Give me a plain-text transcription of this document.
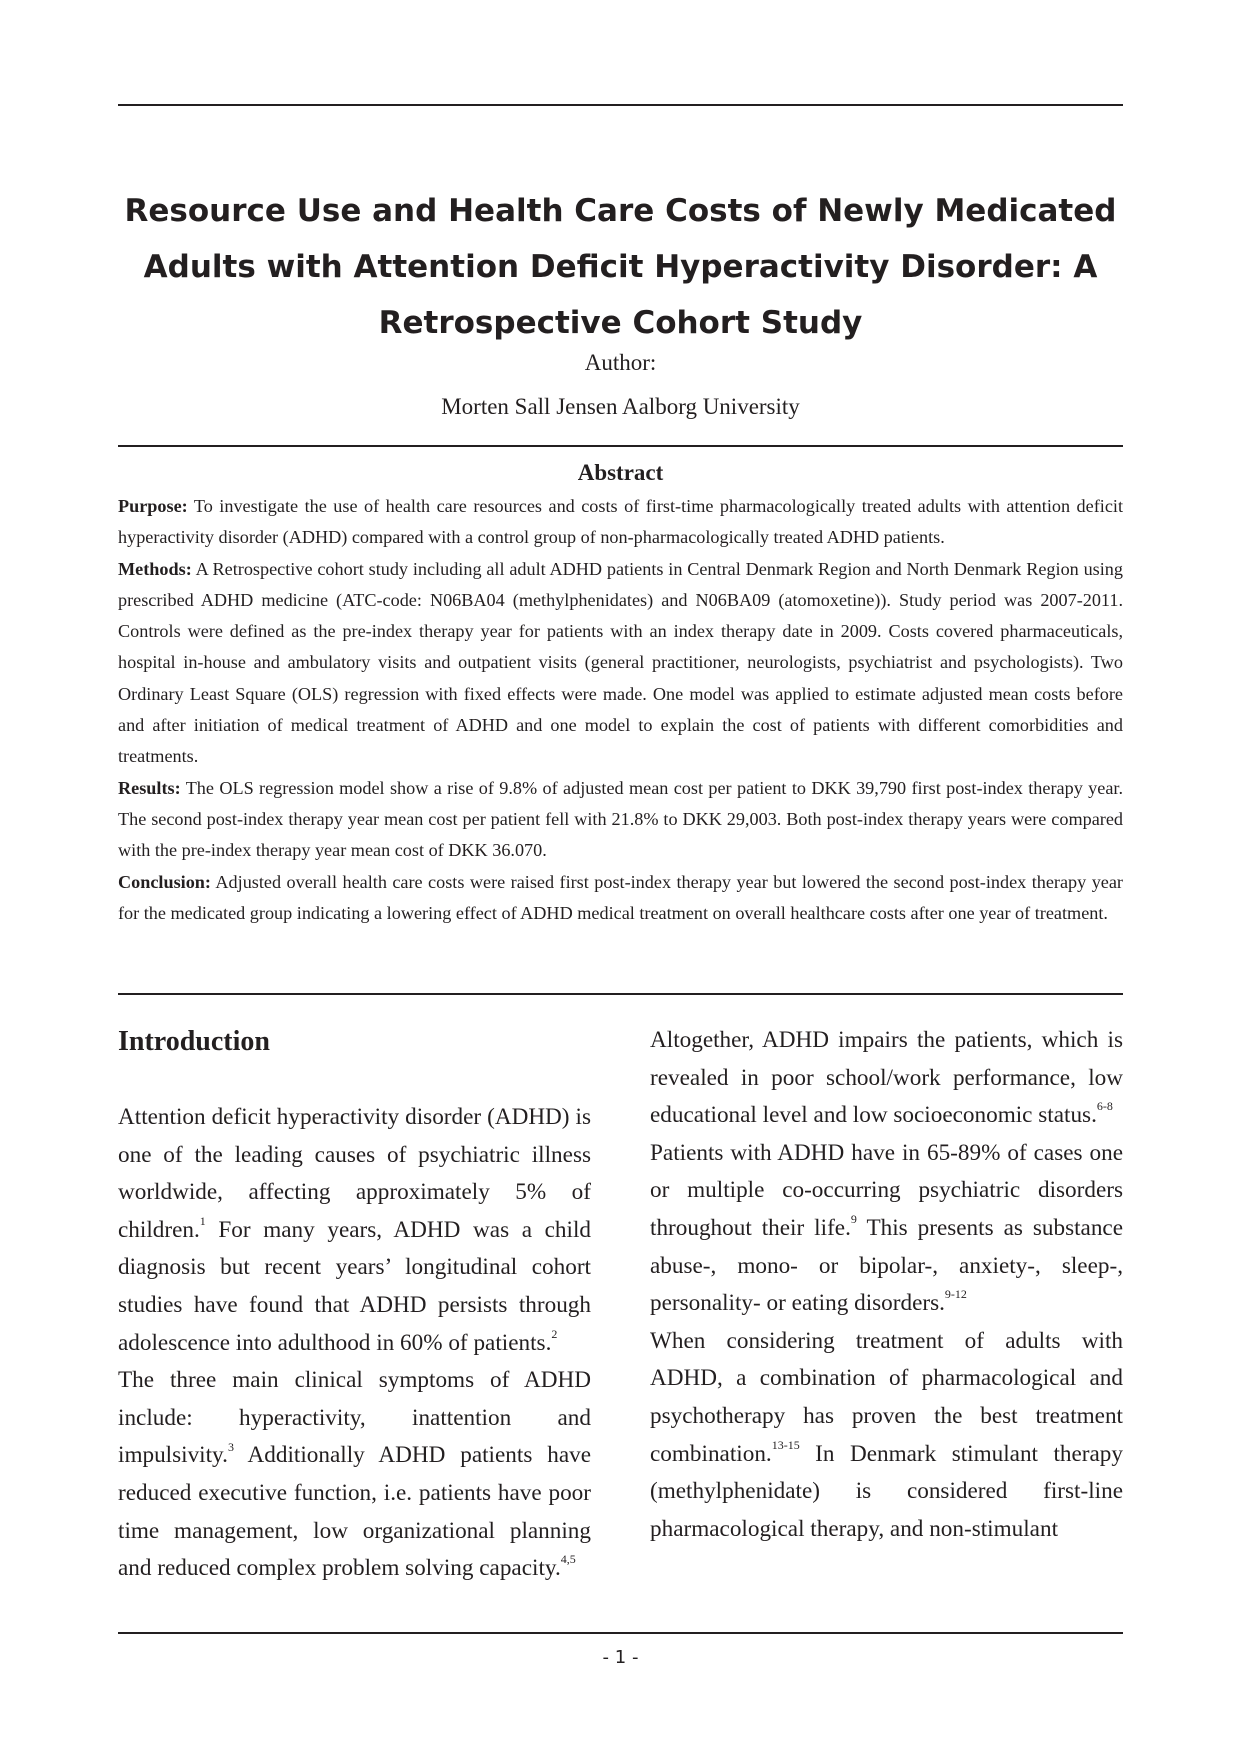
Resource Use and Health Care Costs of Newly Medicated Adults with Attention Deficit Hyperactivity Disorder: A Retrospective Cohort Study
Author:
Morten Sall Jensen Aalborg University
Abstract

Purpose: To investigate the use of health care resources and costs of first-time pharmacologically treated adults with attention deficit hyperactivity disorder (ADHD) compared with a control group of non-pharmacologically treated ADHD patients.

Methods: A Retrospective cohort study including all adult ADHD patients in Central Denmark Region and North Denmark Region using prescribed ADHD medicine (ATC-code: N06BA04 (methylphenidates) and N06BA09 (atomoxetine)). Study period was 2007-2011. Controls were defined as the pre-index therapy year for patients with an index therapy date in 2009. Costs covered pharmaceuticals, hospital in-house and ambulatory visits and outpatient visits (general practitioner, neurologists, psychiatrist and psychologists). Two Ordinary Least Square (OLS) regression with fixed effects were made. One model was applied to estimate adjusted mean costs before and after initiation of medical treatment of ADHD and one model to explain the cost of patients with different comorbidities and treatments.

Results: The OLS regression model show a rise of 9.8% of adjusted mean cost per patient to DKK 39,790 first post-index therapy year. The second post-index therapy year mean cost per patient fell with 21.8% to DKK 29,003. Both post-index therapy years were compared with the pre-index therapy year mean cost of DKK 36.070.

Conclusion: Adjusted overall health care costs were raised first post-index therapy year but lowered the second post-index therapy year for the medicated group indicating a lowering effect of ADHD medical treatment on overall healthcare costs after one year of treatment.

Introduction

Attention deficit hyperactivity disorder (ADHD) is one of the leading causes of psychiatric illness worldwide, affecting approximately 5% of children.$^1$ For many years, ADHD was a child diagnosis but recent years’ longitudinal cohort studies have found that ADHD persists through adolescence into adulthood in 60% of patients.$^2$

The three main clinical symptoms of ADHD include: hyperactivity, inattention and impulsivity.$^3$ Additionally ADHD patients have reduced executive function, i.e. patients have poor time management, low organizational planning and reduced complex problem solving capacity.$^{4,5}$

Altogether, ADHD impairs the patients, which is revealed in poor school/work performance, low educational level and low socioeconomic status.$^{6-8}$

Patients with ADHD have in 65-89% of cases one or multiple co-occurring psychiatric disorders throughout their life.$^9$ This presents as substance abuse-, mono- or bipolar-, anxiety-, sleep-, personality- or eating disorders.$^{9-12}$

When considering treatment of adults with ADHD, a combination of pharmacological and psychotherapy has proven the best treatment combination.$^{13-15}$ In Denmark stimulant therapy (methylphenidate) is considered first-line pharmacological therapy, and non-stimulant

- 1 -
